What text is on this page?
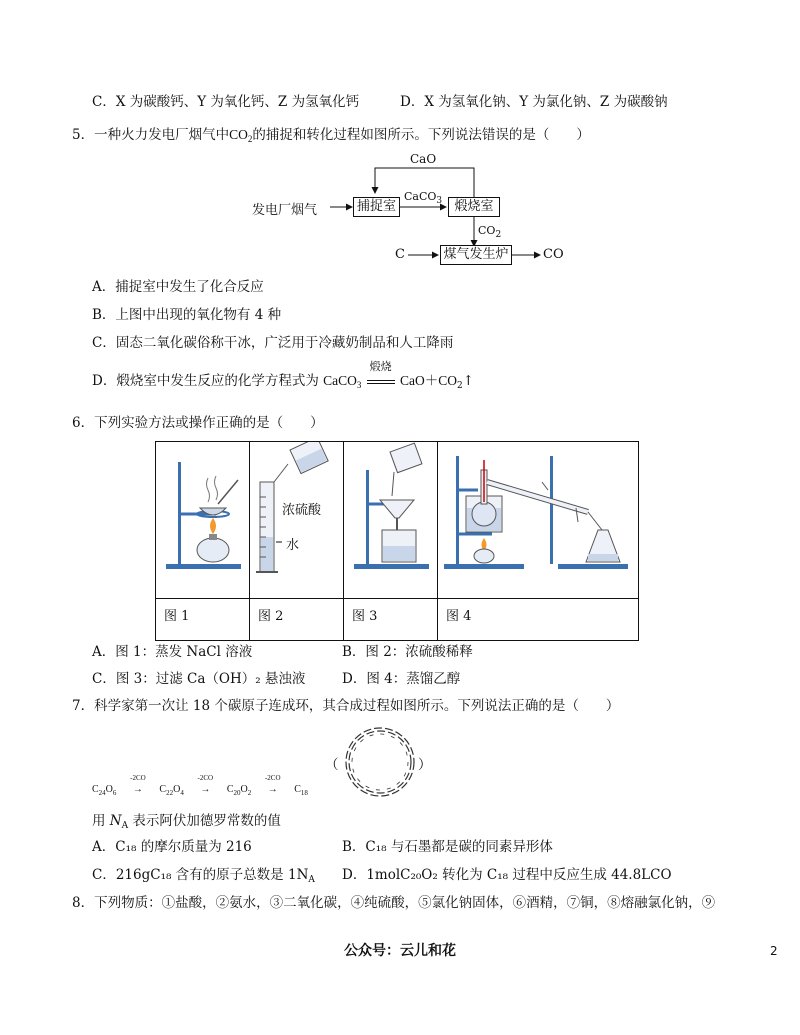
C．X 为碳酸钙、Y 为氧化钙、Z 为氢氧化钙	D．X 为氢氧化钠、Y 为氯化钠、Z 为碳酸钠
5．一种火力发电厂烟气中$CO_2$的捕捉和转化过程如图所示。下列说法错误的是（　　）
发电厂烟气	捕捉室
CaCO$_3$ 煅烧室
CaO
$CO_2$
C	煤气发生炉	CO
A．捕捉室中发生了化合反应
B．上图中出现的氧化物有 4 种
C．固态二氧化碳俗称干冰，广泛用于冷藏奶制品和人工降雨
D．煅烧室中发生反应的化学方程式为 CaCO$_3$
煅烧
$CaO+CO_2↑$
6．下列实验方法或操作正确的是（　　）

浓硫酸
水

图 1	图 2	图 3	图 4
A．图 1：蒸发 NaCl 溶液	B．图 2：浓硫酸稀释
C．图 3：过滤 Ca（OH）₂ 悬浊液	D．图 4：蒸馏乙醇
7．科学家第一次让 18 个碳原子连成环，其合成过程如图所示。下列说法正确的是（　　）
（	）
$C_{24}O_6$
-2CO
→ $C_{22}O_4$
-2CO
→ $C_{20}O_2$
-2CO
→ $C_{18}$
用 $N_A$ 表示阿伏加德罗常数的值
A．C₁₈ 的摩尔质量为 216	B．C₁₈ 与石墨都是碳的同素异形体
C．216gC₁₈ 含有的原子总数是 $1N_A$ D．1molC₂₀O₂ 转化为 C₁₈ 过程中反应生成 44.8LCO
8．下列物质：①盐酸，②氨水，③二氧化碳，④纯硫酸，⑤氯化钠固体，⑥酒精，⑦铜，⑧熔融氯化钠，⑨
公众号：云儿和花	2
